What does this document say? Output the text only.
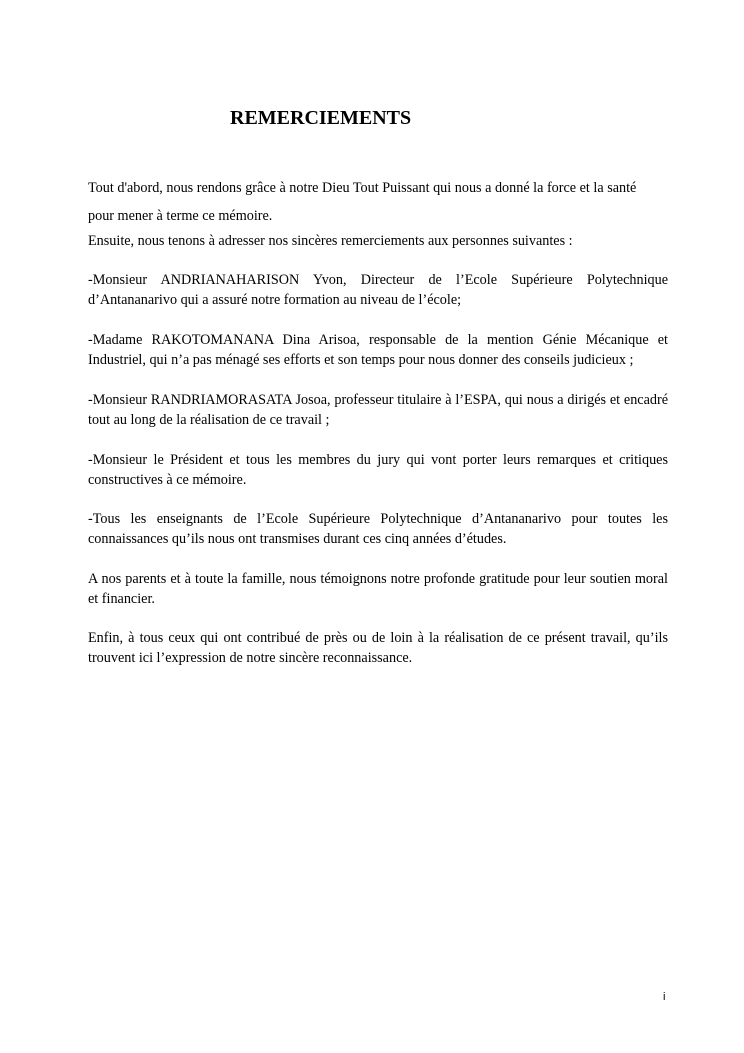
REMERCIEMENTS

Tout d'abord, nous rendons grâce à notre Dieu Tout Puissant qui nous a donné la force et la santé

pour mener à terme ce mémoire.

Ensuite, nous tenons à adresser nos sincères remerciements aux personnes suivantes :

-Monsieur ANDRIANAHARISON Yvon, Directeur de l’Ecole Supérieure Polytechnique d’Antananarivo qui a assuré notre formation au niveau de l’école;

-Madame RAKOTOMANANA Dina Arisoa, responsable de la mention Génie Mécanique et Industriel, qui n’a pas ménagé ses efforts et son temps pour nous donner des conseils judicieux ;

-Monsieur RANDRIAMORASATA Josoa, professeur titulaire à l’ESPA, qui nous a dirigés et encadré tout au long de la réalisation de ce travail ;

-Monsieur le Président et tous les membres du jury qui vont porter leurs remarques et critiques constructives à ce mémoire.

-Tous les enseignants de l’Ecole Supérieure Polytechnique d’Antananarivo pour toutes les connaissances qu’ils nous ont transmises durant ces cinq années d’études.

A nos parents et à toute la famille, nous témoignons notre profonde gratitude pour leur soutien moral et financier.

Enfin, à tous ceux qui ont contribué de près ou de loin à la réalisation de ce présent travail, qu’ils trouvent ici l’expression de notre sincère reconnaissance.

i
